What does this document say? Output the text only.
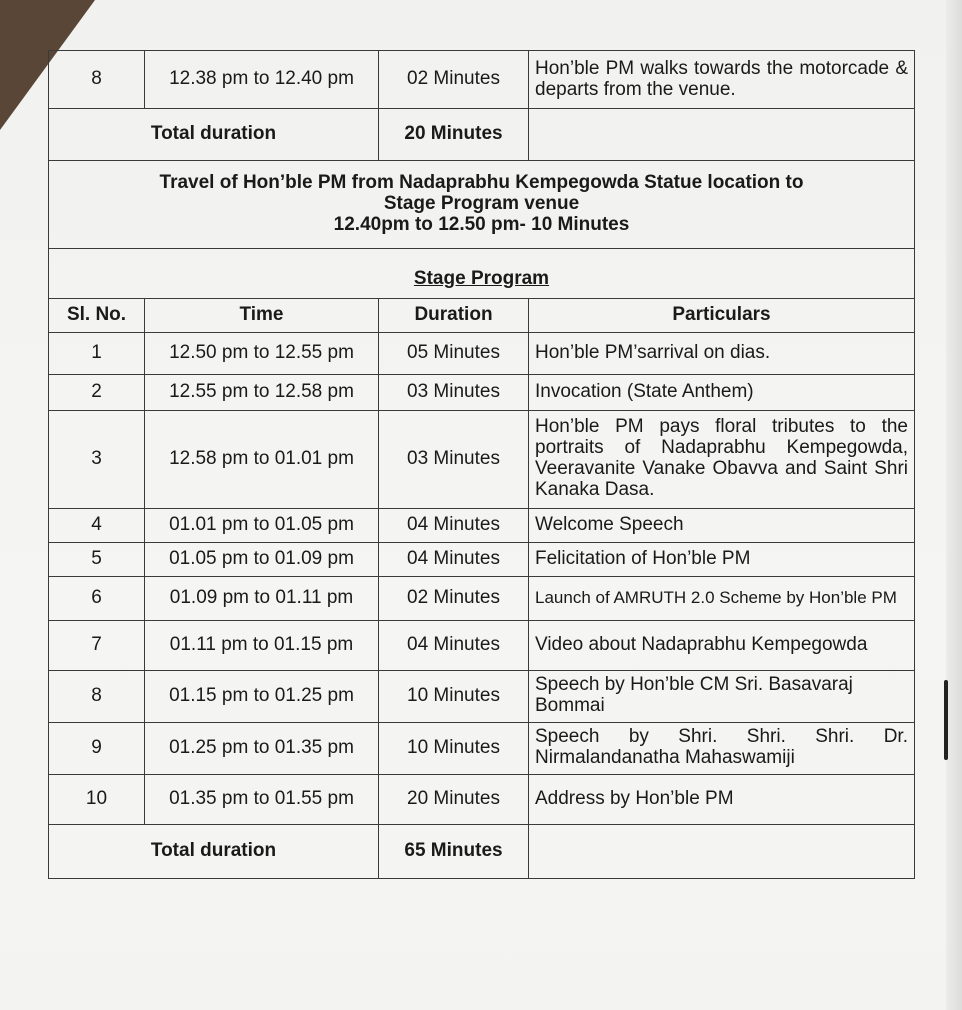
8	12.38 pm to 12.40 pm	02 Minutes	Hon’ble PM walks towards the motorcade & departs from the venue.
Total duration		20 Minutes	

Travel of Hon’ble PM from Nadaprabhu Kempegowda Statue location to
Stage Program venue
12.40pm to 12.50 pm- 10 Minutes			

Stage Program			
Sl. No.	Time	Duration	Particulars
1	12.50 pm to 12.55 pm	05 Minutes	Hon’ble PM’sarrival on dias.
2	12.55 pm to 12.58 pm	03 Minutes	Invocation (State Anthem)
3	12.58 pm to 01.01 pm	03 Minutes	Hon’ble PM pays floral tributes to the portraits of Nadaprabhu Kempegowda, Veeravanite Vanake Obavva and Saint Shri Kanaka Dasa.
4	01.01 pm to 01.05 pm	04 Minutes	Welcome Speech
5	01.05 pm to 01.09 pm	04 Minutes	Felicitation of Hon’ble PM
6	01.09 pm to 01.11 pm	02 Minutes	Launch of AMRUTH 2.0 Scheme by Hon’ble PM
7	01.11 pm to 01.15 pm	04 Minutes	Video about Nadaprabhu Kempegowda
8	01.15 pm to 01.25 pm	10 Minutes	Speech by Hon’ble CM Sri. Basavaraj Bommai
9	01.25 pm to 01.35 pm	10 Minutes	Speech by Shri. Shri. Shri. Dr. Nirmalandanatha Mahaswamiji
10	01.35 pm to 01.55 pm	20 Minutes	Address by Hon’ble PM
Total duration		65 Minutes	
